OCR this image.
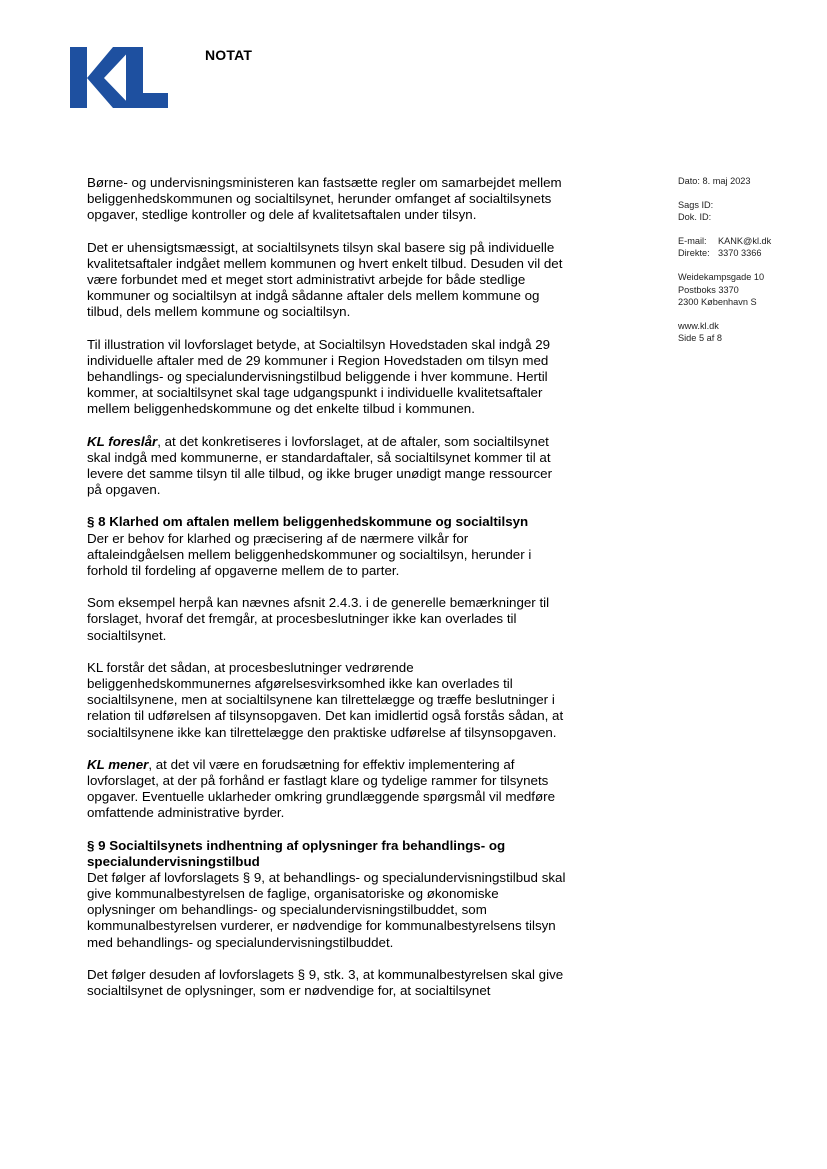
NOTAT
Dato: 8. maj 2023
Sags ID:
Dok. ID:
E-mail: KANK@kl.dk
Direkte: 3370 3366
Weidekampsgade 10
Postboks 3370
2300 København S
www.kl.dk
Side 5 af 8

Børne- og undervisningsministeren kan fastsætte regler om samarbejdet mellem beliggenhedskommunen og socialtilsynet, herunder omfanget af socialtilsynets opgaver, stedlige kontroller og dele af kvalitetsaftalen under tilsyn.

Det er uhensigtsmæssigt, at socialtilsynets tilsyn skal basere sig på individuelle kvalitetsaftaler indgået mellem kommunen og hvert enkelt tilbud. Desuden vil det være forbundet med et meget stort administrativt arbejde for både stedlige kommuner og socialtilsyn at indgå sådanne aftaler dels mellem kommune og tilbud, dels mellem kommune og socialtilsyn.

Til illustration vil lovforslaget betyde, at Socialtilsyn Hovedstaden skal indgå 29 individuelle aftaler med de 29 kommuner i Region Hovedstaden om tilsyn med behandlings- og specialundervisningstilbud beliggende i hver kommune. Hertil kommer, at socialtilsynet skal tage udgangspunkt i individuelle kvalitetsaftaler mellem beliggenhedskommune og det enkelte tilbud i kommunen.

KL foreslår, at det konkretiseres i lovforslaget, at de aftaler, som socialtilsynet skal indgå med kommunerne, er standardaftaler, så socialtilsynet kommer til at levere det samme tilsyn til alle tilbud, og ikke bruger unødigt mange ressourcer på opgaven.

§ 8 Klarhed om aftalen mellem beliggenhedskommune og socialtilsyn
Der er behov for klarhed og præcisering af de nærmere vilkår for aftaleindgåelsen mellem beliggenhedskommuner og socialtilsyn, herunder i forhold til fordeling af opgaverne mellem de to parter.

Som eksempel herpå kan nævnes afsnit 2.4.3. i de generelle bemærkninger til forslaget, hvoraf det fremgår, at procesbeslutninger ikke kan overlades til socialtilsynet.

KL forstår det sådan, at procesbeslutninger vedrørende beliggenhedskommunernes afgørelsesvirksomhed ikke kan overlades til socialtilsynene, men at socialtilsynene kan tilrettelægge og træffe beslutninger i relation til udførelsen af tilsynsopgaven. Det kan imidlertid også forstås sådan, at socialtilsynene ikke kan tilrettelægge den praktiske udførelse af tilsynsopgaven.

KL mener, at det vil være en forudsætning for effektiv implementering af lovforslaget, at der på forhånd er fastlagt klare og tydelige rammer for tilsynets opgaver. Eventuelle uklarheder omkring grundlæggende spørgsmål vil medføre omfattende administrative byrder.

§ 9 Socialtilsynets indhentning af oplysninger fra behandlings- og specialundervisningstilbud
Det følger af lovforslagets § 9, at behandlings- og specialundervisningstilbud skal give kommunalbestyrelsen de faglige, organisatoriske og økonomiske oplysninger om behandlings- og specialundervisningstilbuddet, som kommunalbestyrelsen vurderer, er nødvendige for kommunalbestyrelsens tilsyn med behandlings- og specialundervisningstilbuddet.

Det følger desuden af lovforslagets § 9, stk. 3, at kommunalbestyrelsen skal give socialtilsynet de oplysninger, som er nødvendige for, at socialtilsynet
